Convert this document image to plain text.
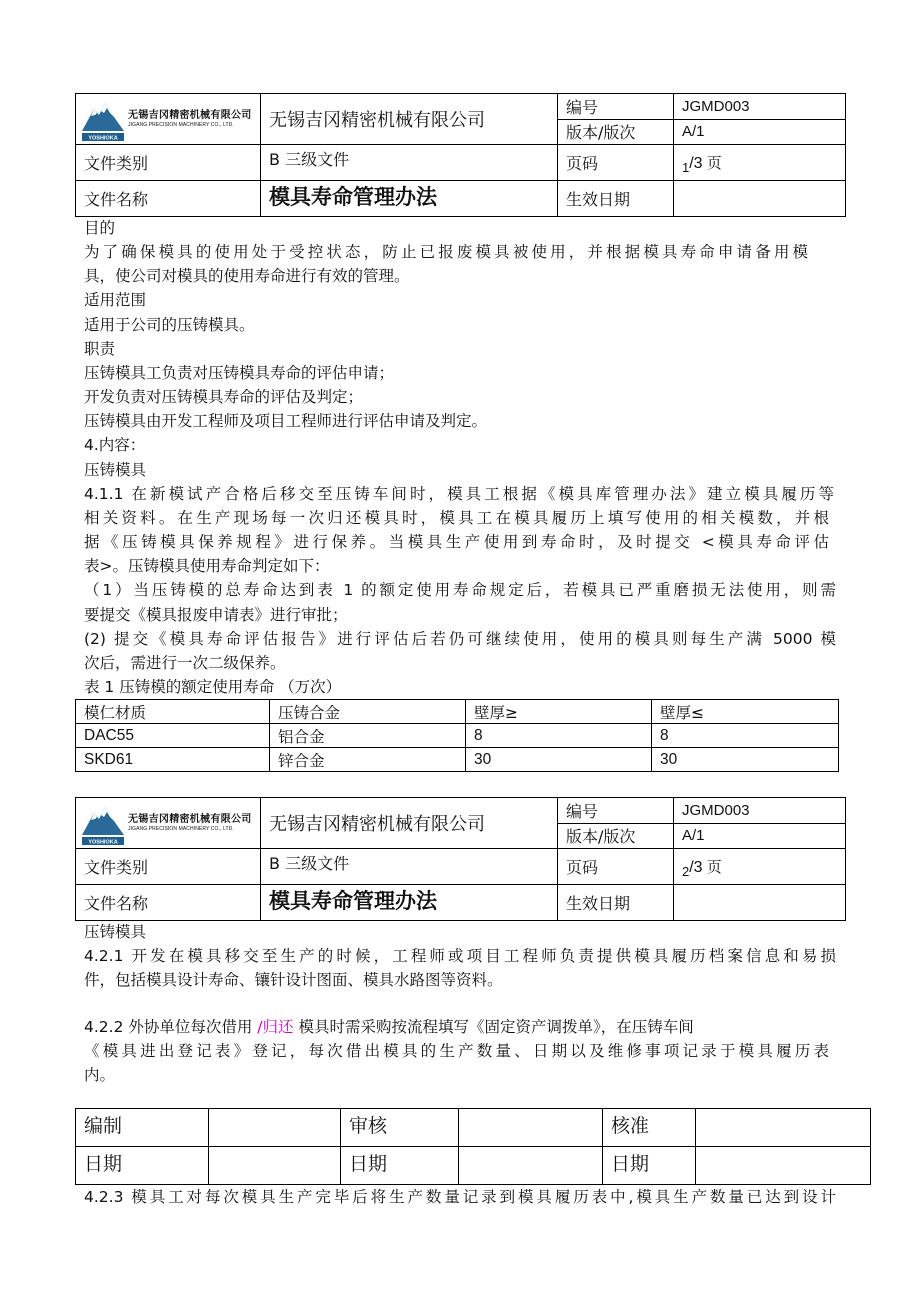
YOSHIOKA
无锡吉冈精密机械有限公司
JIGANG PRECISION MACHINERY CO., LTD.	无锡吉冈精密机械有限公司	编号	JGMD003
		版本/版次	A/1
文件类别	B 三级文件	页码	1/3 页
文件名称	模具寿命管理办法	生效日期	
目的
为了确保模具的使用处于受控状态，防止已报废模具被使用，并根据模具寿命申请备用模
具，使公司对模具的使用寿命进行有效的管理。
适用范围
适用于公司的压铸模具。
职责
压铸模具工负责对压铸模具寿命的评估申请；
开发负责对压铸模具寿命的评估及判定；
压铸模具由开发工程师及项目工程师进行评估申请及判定。
4.内容：
压铸模具
4.1.1 在新模试产合格后移交至压铸车间时，模具工根据《模具库管理办法》建立模具履历等
相关资料。在生产现场每一次归还模具时，模具工在模具履历上填写使用的相关模数，并根
据《压铸模具保养规程》进行保养。当模具生产使用到寿命时，及时提交 <模具寿命评估
表>。压铸模具使用寿命判定如下：
（1）当压铸模的总寿命达到表 1 的额定使用寿命规定后，若模具已严重磨损无法使用，则需
要提交《模具报废申请表》进行审批；
(2) 提交《模具寿命评估报告》进行评估后若仍可继续使用，使用的模具则每生产满 5000 模
次后，需进行一次二级保养。
表 1 压铸模的额定使用寿命 （万次）
模仁材质	压铸合金	壁厚≥	壁厚≤
DAC55	铝合金	8	8
SKD61	锌合金	30	30
YOSHIOKA
无锡吉冈精密机械有限公司
JIGANG PRECISION MACHINERY CO., LTD.	无锡吉冈精密机械有限公司	编号	JGMD003
		版本/版次	A/1
文件类别	B 三级文件	页码	2/3 页
文件名称	模具寿命管理办法	生效日期	
压铸模具
4.2.1 开发在模具移交至生产的时候，工程师或项目工程师负责提供模具履历档案信息和易损
件，包括模具设计寿命、镶针设计图面、模具水路图等资料。
4.2.2 外协单位每次借用 /归还 模具时需采购按流程填写《固定资产调拨单》，在压铸车间
《模具进出登记表》登记，每次借出模具的生产数量、日期以及维修事项记录于模具履历表
内。
编制		审核		核准	
日期		日期		日期	
4.2.3 模具工对每次模具生产完毕后将生产数量记录到模具履历表中,模具生产数量已达到设计
